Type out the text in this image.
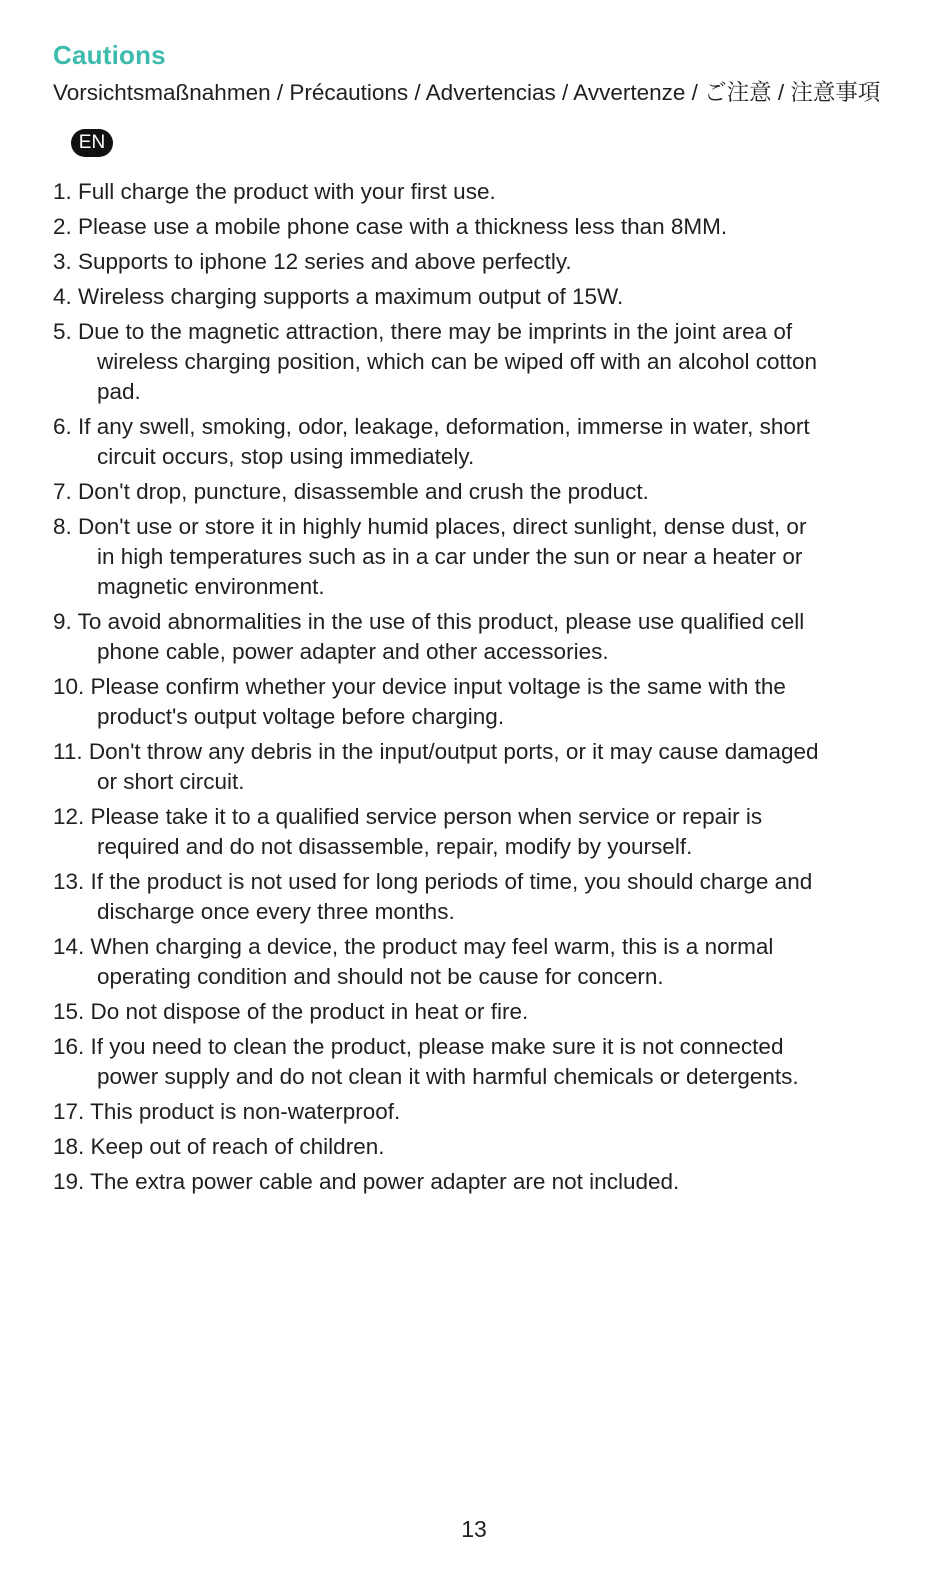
Cautions
Vorsichtsmaßnahmen / Précautions / Advertencias / Avvertenze / ご注意 / 注意事項
EN
1. Full charge the product with your first use.
2. Please use a mobile phone case with a thickness less than 8MM.
3. Supports to iphone 12 series and above perfectly.
4. Wireless charging supports a maximum output of 15W.
5. Due to the magnetic attraction, there may be imprints in the joint area of
wireless charging position, which can be wiped off with an alcohol cotton
pad.
6. If any swell, smoking, odor, leakage, deformation, immerse in water, short
circuit occurs, stop using immediately.
7. Don't drop, puncture, disassemble and crush the product.
8. Don't use or store it in highly humid places, direct sunlight, dense dust, or
in high temperatures such as in a car under the sun or near a heater or
magnetic environment.
9. To avoid abnormalities in the use of this product, please use qualified cell
phone cable, power adapter and other accessories.
10. Please confirm whether your device input voltage is the same with the
product's output voltage before charging.
11. Don't throw any debris in the input/output ports, or it may cause damaged
or short circuit.
12. Please take it to a qualified service person when service or repair is
required and do not disassemble, repair, modify by yourself.
13. If the product is not used for long periods of time, you should charge and
discharge once every three months.
14. When charging a device, the product may feel warm, this is a normal
operating condition and should not be cause for concern.
15. Do not dispose of the product in heat or fire.
16. If you need to clean the product, please make sure it is not connected
power supply and do not clean it with harmful chemicals or detergents.
17. This product is non-waterproof.
18. Keep out of reach of children.
19. The extra power cable and power adapter are not included.
13
